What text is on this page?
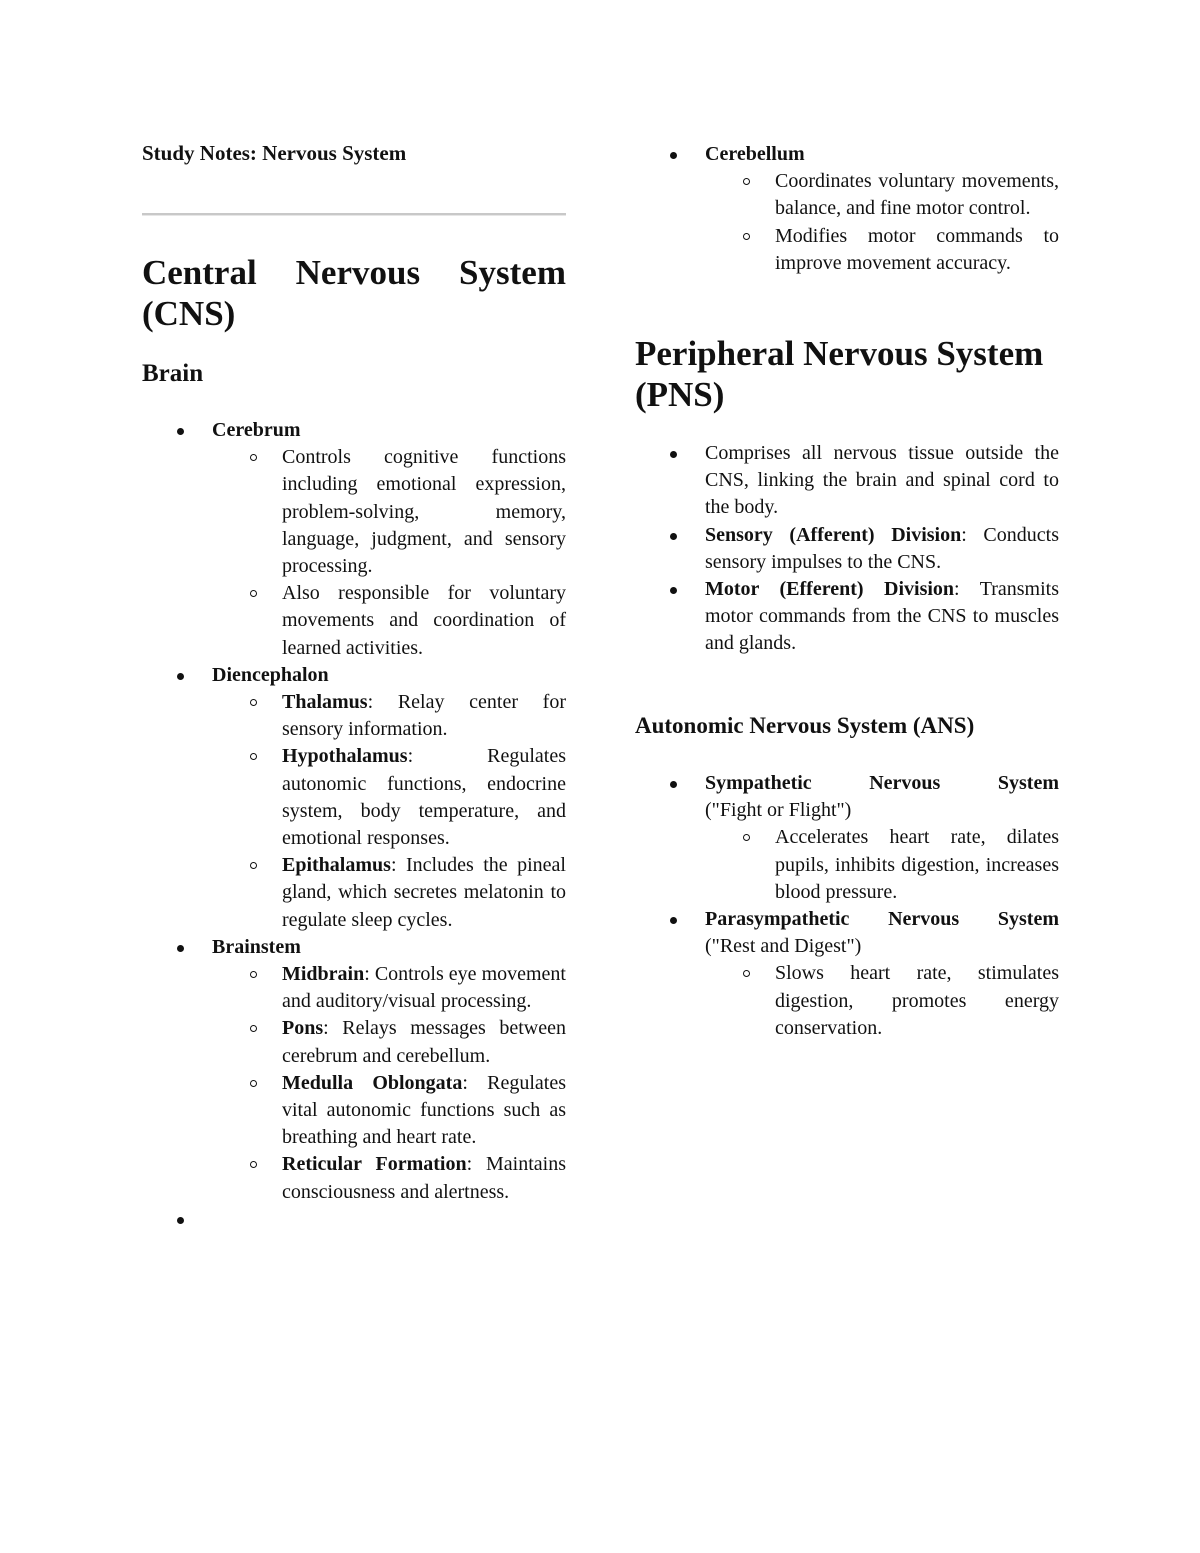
Study Notes: Nervous System
Central Nervous System (CNS)
Brain
Cerebrum
Controls cognitive functions including emotional expression, problem-solving, memory, language, judgment, and sensory processing.
Also responsible for voluntary movements and coordination of learned activities.
Diencephalon
Thalamus: Relay center for sensory information.
Hypothalamus: Regulates autonomic functions, endocrine system, body temperature, and emotional responses.
Epithalamus: Includes the pineal gland, which secretes melatonin to regulate sleep cycles.
Brainstem
Midbrain: Controls eye movement and auditory/visual processing.
Pons: Relays messages between cerebrum and cerebellum.
Medulla Oblongata: Regulates vital autonomic functions such as breathing and heart rate.
Reticular Formation: Maintains consciousness and alertness.
Cerebellum
Coordinates voluntary movements, balance, and fine motor control.
Modifies motor commands to improve movement accuracy.
Peripheral Nervous System (PNS)
Comprises all nervous tissue outside the CNS, linking the brain and spinal cord to the body.
Sensory (Afferent) Division: Conducts sensory impulses to the CNS.
Motor (Efferent) Division: Transmits motor commands from the CNS to muscles and glands.
Autonomic Nervous System (ANS)
Sympathetic Nervous System
("Fight or Flight")
Accelerates heart rate, dilates pupils, inhibits digestion, increases blood pressure.
Parasympathetic Nervous System
("Rest and Digest")
Slows heart rate, stimulates digestion, promotes energy conservation.
